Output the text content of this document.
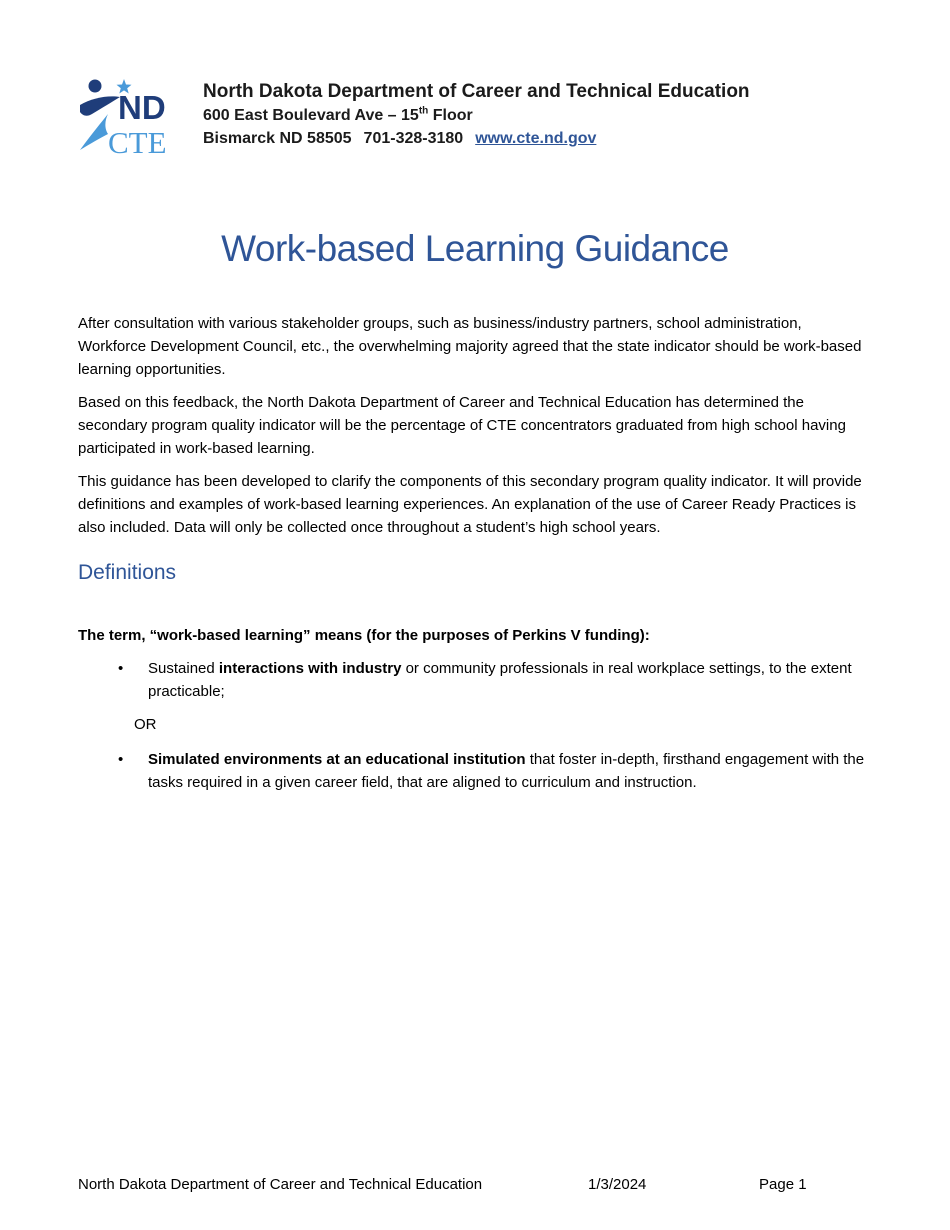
ND
CTE
North Dakota Department of Career and Technical Education
600 East Boulevard Ave – 15th Floor
Bismarck ND 58505 701-328-3180 www.cte.nd.gov
Work-based Learning Guidance

After consultation with various stakeholder groups, such as business/industry partners, school administration, Workforce Development Council, etc., the overwhelming majority agreed that the state indicator should be work-based learning opportunities.

Based on this feedback, the North Dakota Department of Career and Technical Education has determined the secondary program quality indicator will be the percentage of CTE concentrators graduated from high school having participated in work-based learning.

This guidance has been developed to clarify the components of this secondary program quality indicator. It will provide definitions and examples of work-based learning experiences. An explanation of the use of Career Ready Practices is also included. Data will only be collected once throughout a student’s high school years.

Definitions

The term, “work-based learning” means (for the purposes of Perkins V funding):

• Sustained interactions with industry or community professionals in real workplace settings, to the extent practicable;
OR
• Simulated environments at an educational institution that foster in-depth, firsthand engagement with the tasks required in a given career field, that are aligned to curriculum and instruction.
North Dakota Department of Career and Technical Education	1/3/2024	Page 1
